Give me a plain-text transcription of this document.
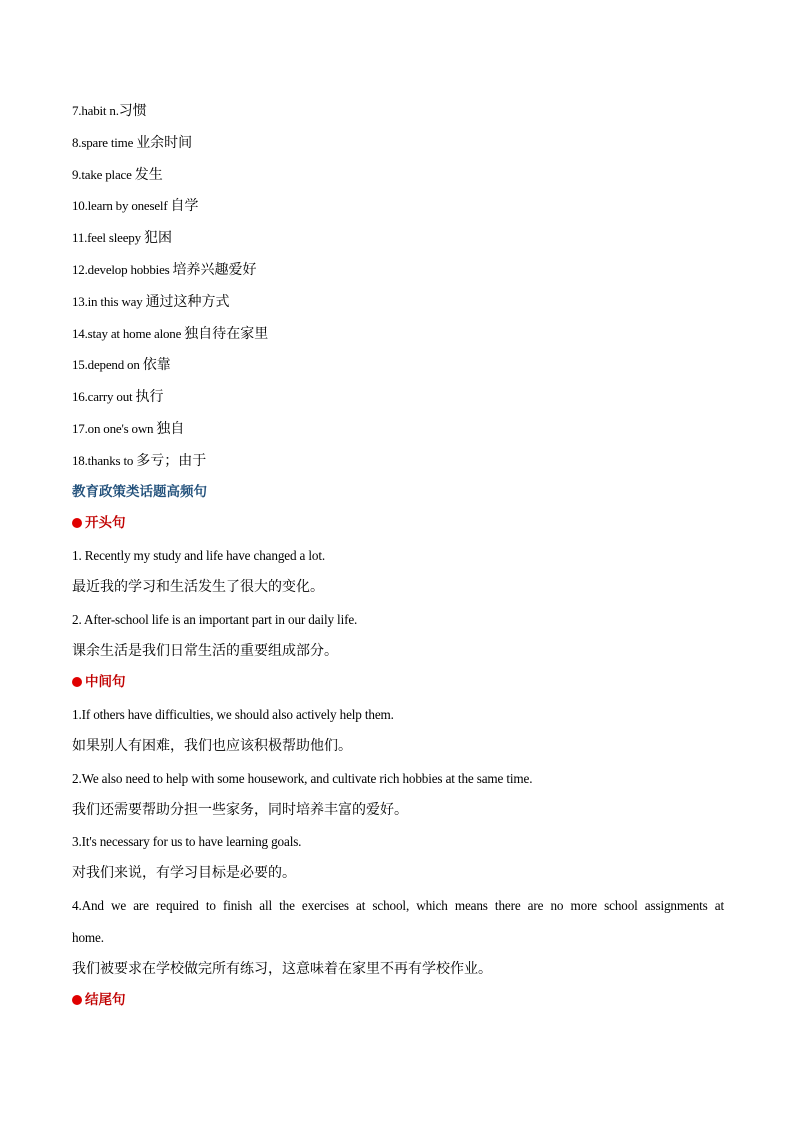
7.habit n.习惯
8.spare time 业余时间
9.take place 发生
10.learn by oneself 自学
11.feel sleepy 犯困
12.develop hobbies 培养兴趣爱好
13.in this way 通过这种方式
14.stay at home alone 独自待在家里
15.depend on 依靠
16.carry out 执行
17.on one's own 独自
18.thanks to 多亏；由于
教育政策类话题高频句
开头句
1. Recently my study and life have changed a lot.
最近我的学习和生活发生了很大的变化。
2. After-school life is an important part in our daily life.
课余生活是我们日常生活的重要组成部分。
中间句
1.If others have difficulties, we should also actively help them.
如果别人有困难，我们也应该积极帮助他们。
2.We also need to help with some housework, and cultivate rich hobbies at the same time.
我们还需要帮助分担一些家务，同时培养丰富的爱好。
3.It's necessary for us to have learning goals.
对我们来说，有学习目标是必要的。
4.And we are required to finish all the exercises at school, which means there are no more school assignments at
home.
我们被要求在学校做完所有练习，这意味着在家里不再有学校作业。
结尾句
